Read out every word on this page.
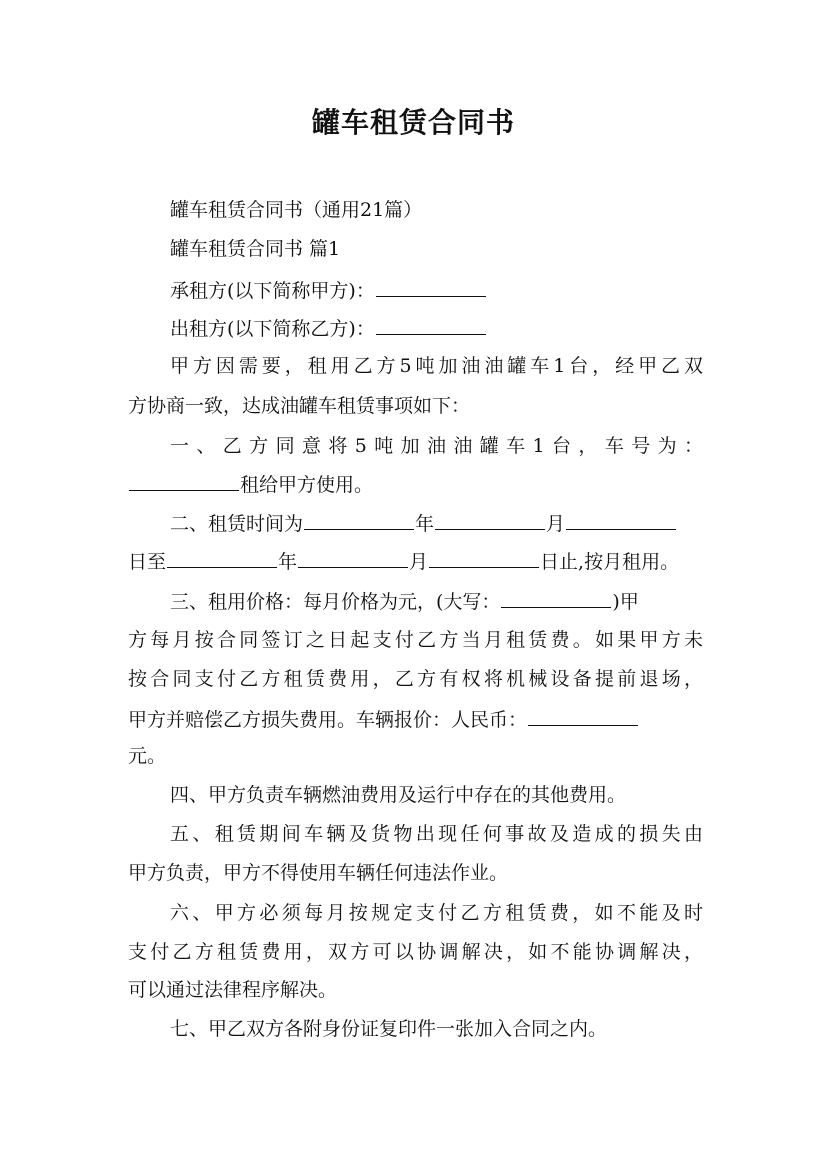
罐车租赁合同书

罐车租赁合同书（通用21篇）

罐车租赁合同书 篇1

承租方(以下简称甲方)：

出租方(以下简称乙方)：

甲方因需要，租用乙方5吨加油油罐车1台，经甲乙双

方协商一致，达成油罐车租赁事项如下：

一、乙方同意将5吨加油油罐车1台，车号为：

租给甲方使用。

二、租赁时间为	年	月

日至	年	月	日止,按月租用。

三、租用价格：每月价格为元，(大写：	)甲

方每月按合同签订之日起支付乙方当月租赁费。如果甲方未

按合同支付乙方租赁费用，乙方有权将机械设备提前退场，

甲方并赔偿乙方损失费用。车辆报价：人民币：

元。

四、甲方负责车辆燃油费用及运行中存在的其他费用。

五、租赁期间车辆及货物出现任何事故及造成的损失由

甲方负责，甲方不得使用车辆任何违法作业。

六、甲方必须每月按规定支付乙方租赁费，如不能及时

支付乙方租赁费用，双方可以协调解决，如不能协调解决，

可以通过法律程序解决。

七、甲乙双方各附身份证复印件一张加入合同之内。
